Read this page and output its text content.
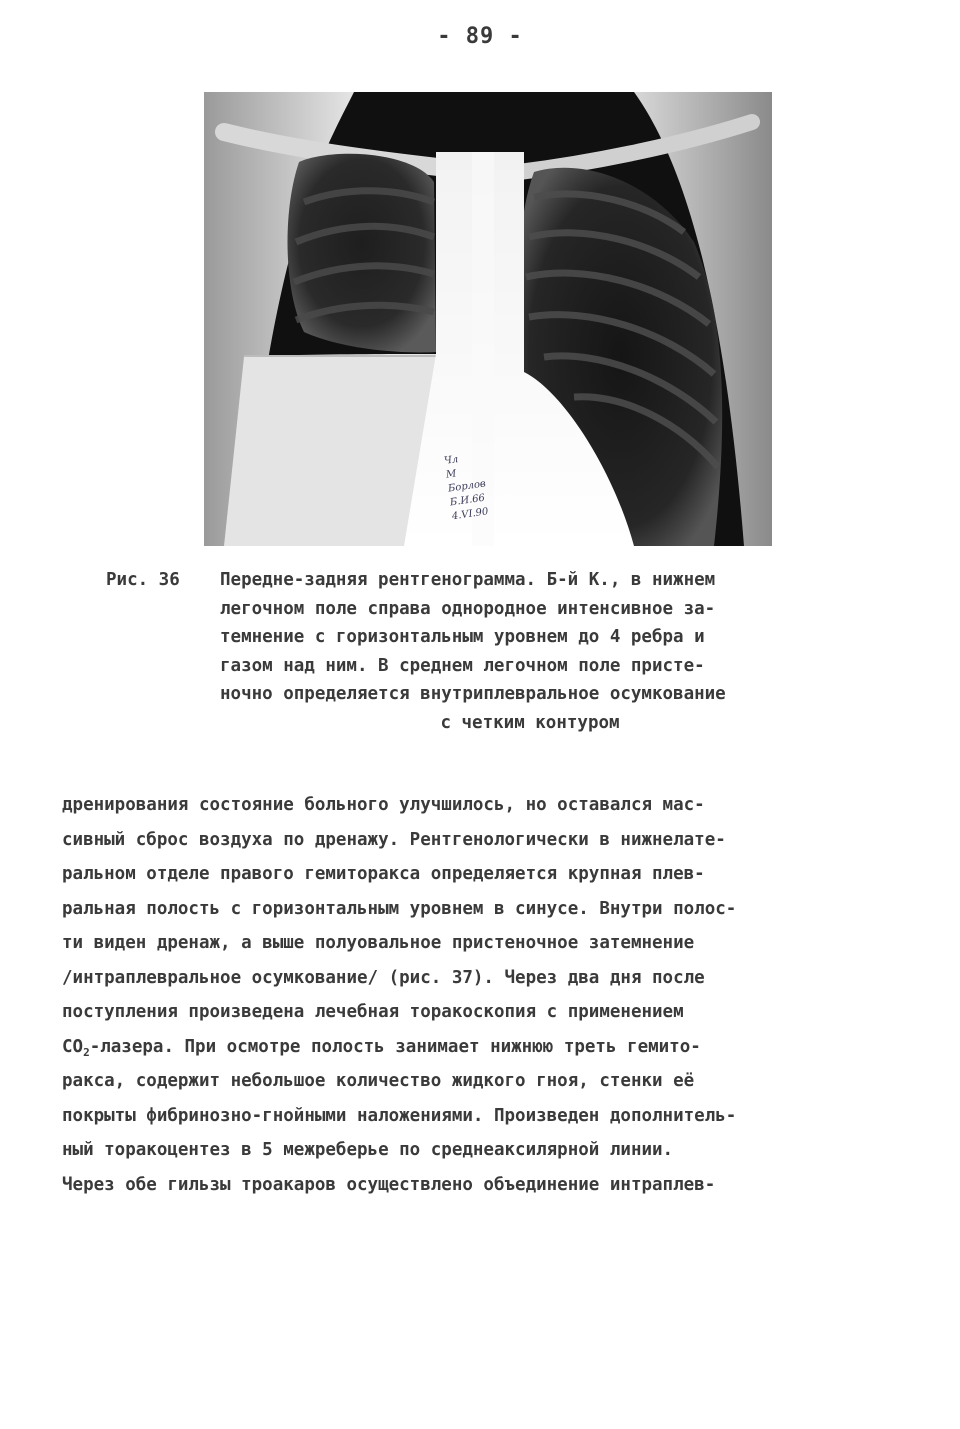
- 89 -
Чл
М
Борлов
Б.И.66
4.VI.90
Рис. 36	Передне-задняя рентгенограмма. Б-й К., в нижнем
легочном поле справа однородное интенсивное за-
темнение с горизонтальным уровнем до 4 ребра и
газом над ним. В среднем легочном поле присте-
ночно определяется внутриплевральное осумкование
с четким контуром
дренирования состояние больного улучшилось, но оставался мас-
сивный сброс воздуха по дренажу. Рентгенологически в нижнелате-
ральном отделе правого гемиторакса определяется крупная плев-
ральная полость с горизонтальным уровнем в синусе. Внутри полос-
ти виден дренаж, а выше полуовальное пристеночное затемнение
/интраплевральное осумкование/ (рис. 37). Через два дня после
поступления произведена лечебная торакоскопия с применением
$CO_2$-лазера. При осмотре полость занимает нижнюю треть гемито-
ракса, содержит небольшое количество жидкого гноя, стенки её
покрыты фибринозно-гнойными наложениями. Произведен дополнитель-
ный торакоцентез в 5 межреберье по среднеаксилярной линии.
Через обе гильзы троакаров осуществлено объединение интраплев-
